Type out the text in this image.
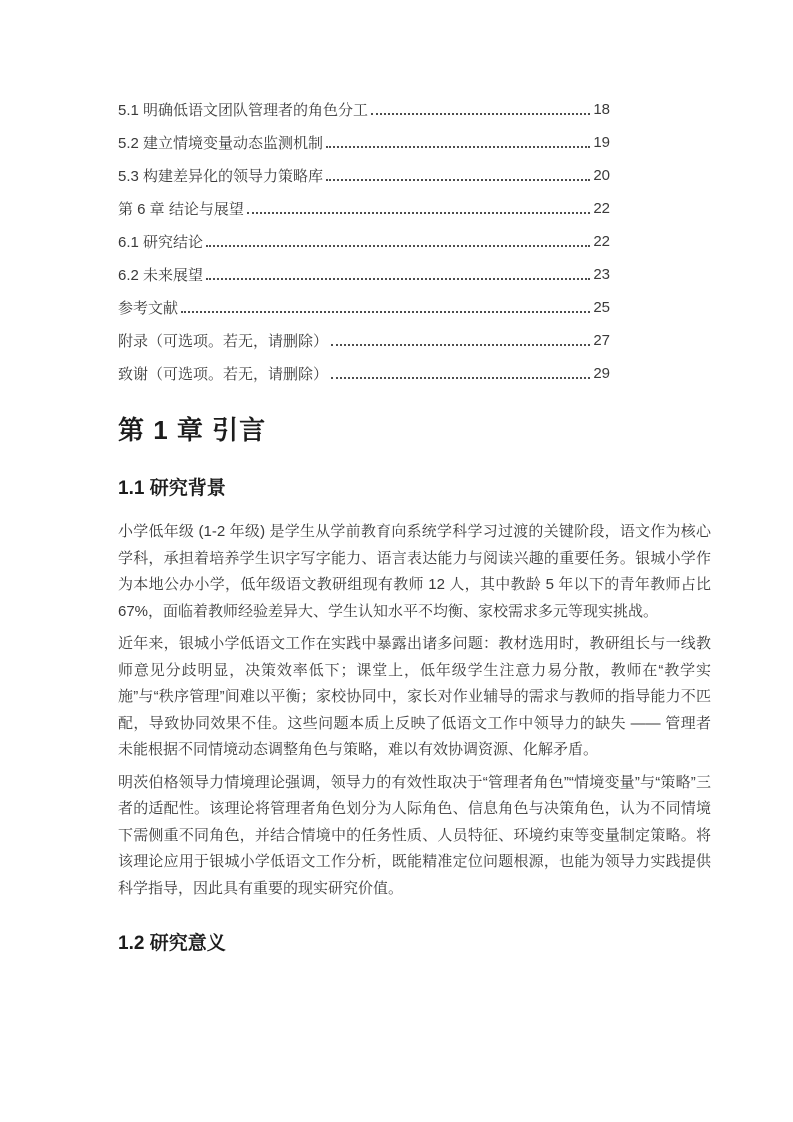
5.1 明确低语文团队管理者的角色分工	18
5.2 建立情境变量动态监测机制	19
5.3 构建差异化的领导力策略库	20
第 6 章 结论与展望	22
6.1 研究结论	22
6.2 未来展望	23
参考文献	25
附录（可选项。若无，请删除）	27
致谢（可选项。若无，请删除）	29
第 1 章 引言
1.1 研究背景

小学低年级 (1-2 年级) 是学生从学前教育向系统学科学习过渡的关键阶段，语文作为核心学科，承担着培养学生识字写字能力、语言表达能力与阅读兴趣的重要任务。银城小学作为本地公办小学，低年级语文教研组现有教师 12 人，其中教龄 5 年以下的青年教师占比 67%，面临着教师经验差异大、学生认知水平不均衡、家校需求多元等现实挑战。

近年来，银城小学低语文工作在实践中暴露出诸多问题：教材选用时，教研组长与一线教师意见分歧明显，决策效率低下；课堂上，低年级学生注意力易分散，教师在“教学实施”与“秩序管理”间难以平衡；家校协同中，家长对作业辅导的需求与教师的指导能力不匹配，导致协同效果不佳。这些问题本质上反映了低语文工作中领导力的缺失 —— 管理者未能根据不同情境动态调整角色与策略，难以有效协调资源、化解矛盾。

明茨伯格领导力情境理论强调，领导力的有效性取决于“管理者角色”“情境变量”与“策略”三者的适配性。该理论将管理者角色划分为人际角色、信息角色与决策角色，认为不同情境下需侧重不同角色，并结合情境中的任务性质、人员特征、环境约束等变量制定策略。将该理论应用于银城小学低语文工作分析，既能精准定位问题根源，也能为领导力实践提供科学指导，因此具有重要的现实研究价值。

1.2 研究意义
